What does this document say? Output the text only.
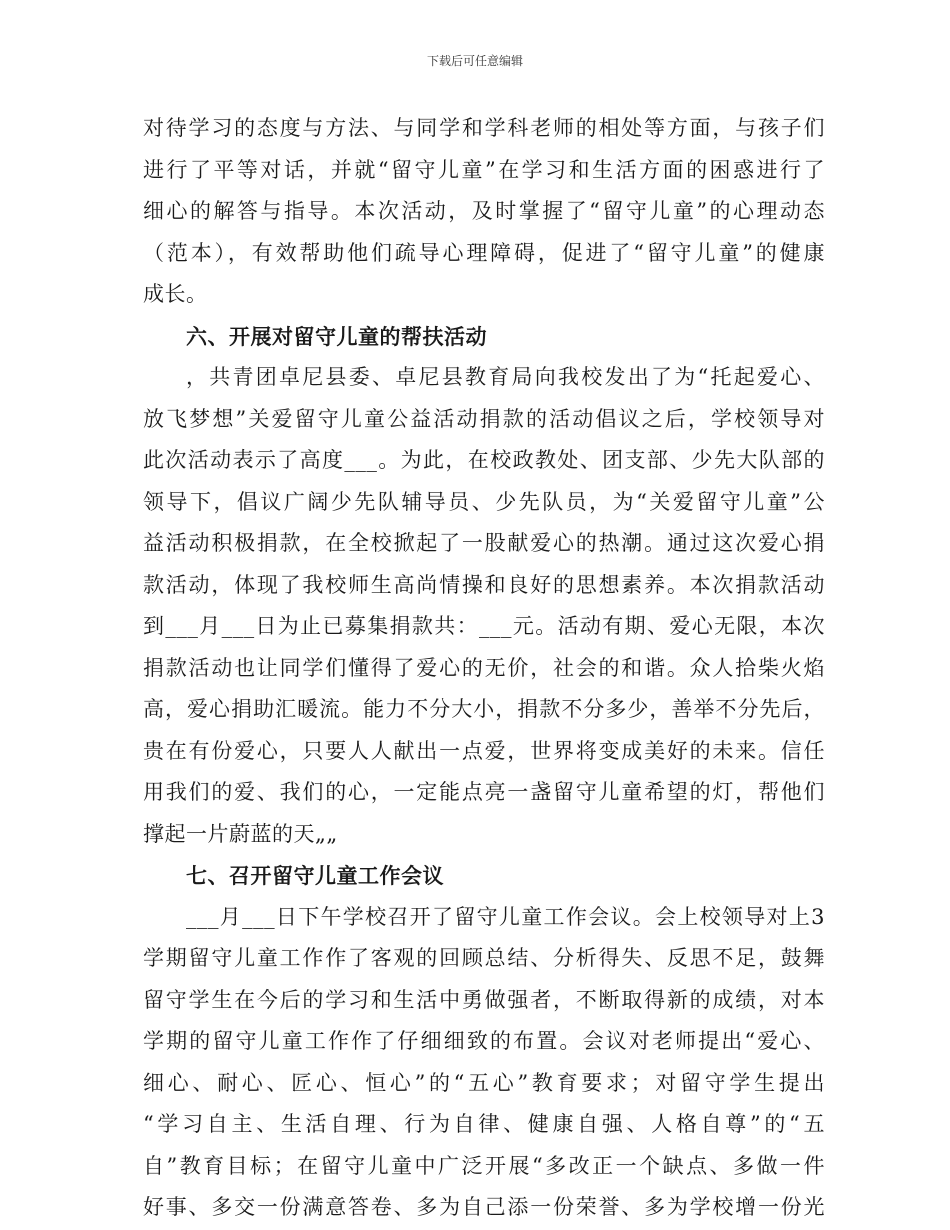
下载后可任意编辑
对待学习的态度与方法、与同学和学科老师的相处等方面，与孩子们
进行了平等对话，并就“留守儿童”在学习和生活方面的困惑进行了
细心的解答与指导。本次活动，及时掌握了“留守儿童”的心理动态
（范本），有效帮助他们疏导心理障碍，促进了“留守儿童”的健康
成长。
六、开展对留守儿童的帮扶活动
，共青团卓尼县委、卓尼县教育局向我校发出了为“托起爱心、
放飞梦想”关爱留守儿童公益活动捐款的活动倡议之后，学校领导对
此次活动表示了高度___。为此，在校政教处、团支部、少先大队部的
领导下，倡议广阔少先队辅导员、少先队员，为“关爱留守儿童”公
益活动积极捐款，在全校掀起了一股献爱心的热潮。通过这次爱心捐
款活动，体现了我校师生高尚情操和良好的思想素养。本次捐款活动
到___月___日为止已募集捐款共：___元。活动有期、爱心无限，本次
捐款活动也让同学们懂得了爱心的无价，社会的和谐。众人拾柴火焰
高，爱心捐助汇暖流。能力不分大小，捐款不分多少，善举不分先后，
贵在有份爱心，只要人人献出一点爱，世界将变成美好的未来。信任
用我们的爱、我们的心，一定能点亮一盏留守儿童希望的灯，帮他们
撑起一片蔚蓝的天„„
七、召开留守儿童工作会议
___月___日下午学校召开了留守儿童工作会议。会上校领导对上3
学期留守儿童工作作了客观的回顾总结、分析得失、反思不足，鼓舞
留守学生在今后的学习和生活中勇做强者，不断取得新的成绩，对本
学期的留守儿童工作作了仔细细致的布置。会议对老师提出“爱心、
细心、耐心、匠心、恒心”的“五心”教育要求；对留守学生提出
“学习自主、生活自理、行为自律、健康自强、人格自尊”的“五
自”教育目标；在留守儿童中广泛开展“多改正一个缺点、多做一件
好事、多交一份满意答卷、多为自己添一份荣誉、多为学校增一份光
